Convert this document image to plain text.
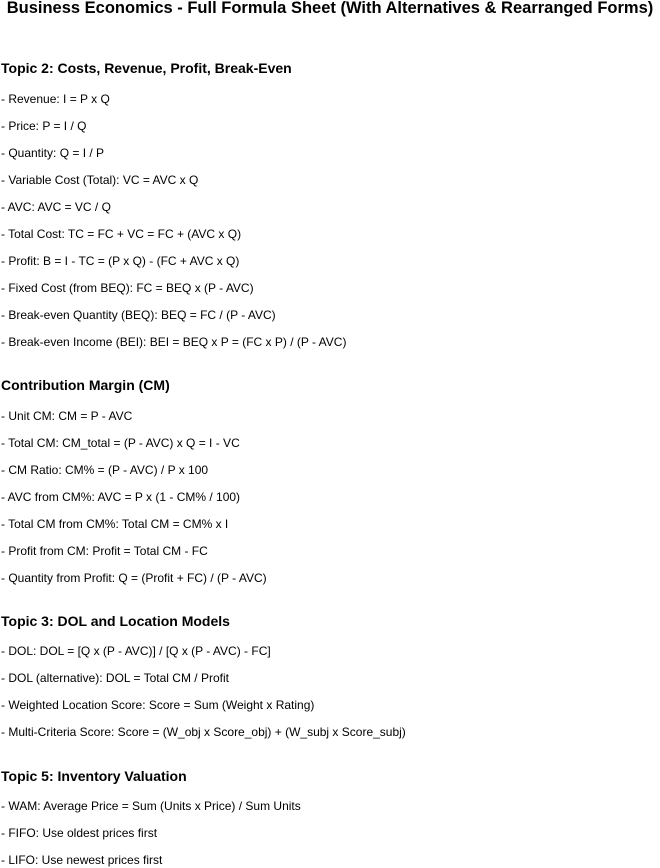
Business Economics - Full Formula Sheet (With Alternatives & Rearranged Forms)
Topic 2: Costs, Revenue, Profit, Break-Even

- Revenue: I = P x Q

- Price: P = I / Q

- Quantity: Q = I / P

- Variable Cost (Total): VC = AVC x Q

- AVC: AVC = VC / Q

- Total Cost: TC = FC + VC = FC + (AVC x Q)

- Profit: B = I - TC = (P x Q) - (FC + AVC x Q)

- Fixed Cost (from BEQ): FC = BEQ x (P - AVC)

- Break-even Quantity (BEQ): BEQ = FC / (P - AVC)

- Break-even Income (BEI): BEI = BEQ x P = (FC x P) / (P - AVC)

Contribution Margin (CM)

- Unit CM: CM = P - AVC

- Total CM: CM_total = (P - AVC) x Q = I - VC

- CM Ratio: CM% = (P - AVC) / P x 100

- AVC from CM%: AVC = P x (1 - CM% / 100)

- Total CM from CM%: Total CM = CM% x I

- Profit from CM: Profit = Total CM - FC

- Quantity from Profit: Q = (Profit + FC) / (P - AVC)

Topic 3: DOL and Location Models

- DOL: DOL = [Q x (P - AVC)] / [Q x (P - AVC) - FC]

- DOL (alternative): DOL = Total CM / Profit

- Weighted Location Score: Score = Sum (Weight x Rating)

- Multi-Criteria Score: Score = (W_obj x Score_obj) + (W_subj x Score_subj)

Topic 5: Inventory Valuation

- WAM: Average Price = Sum (Units x Price) / Sum Units

- FIFO: Use oldest prices first

- LIFO: Use newest prices first
